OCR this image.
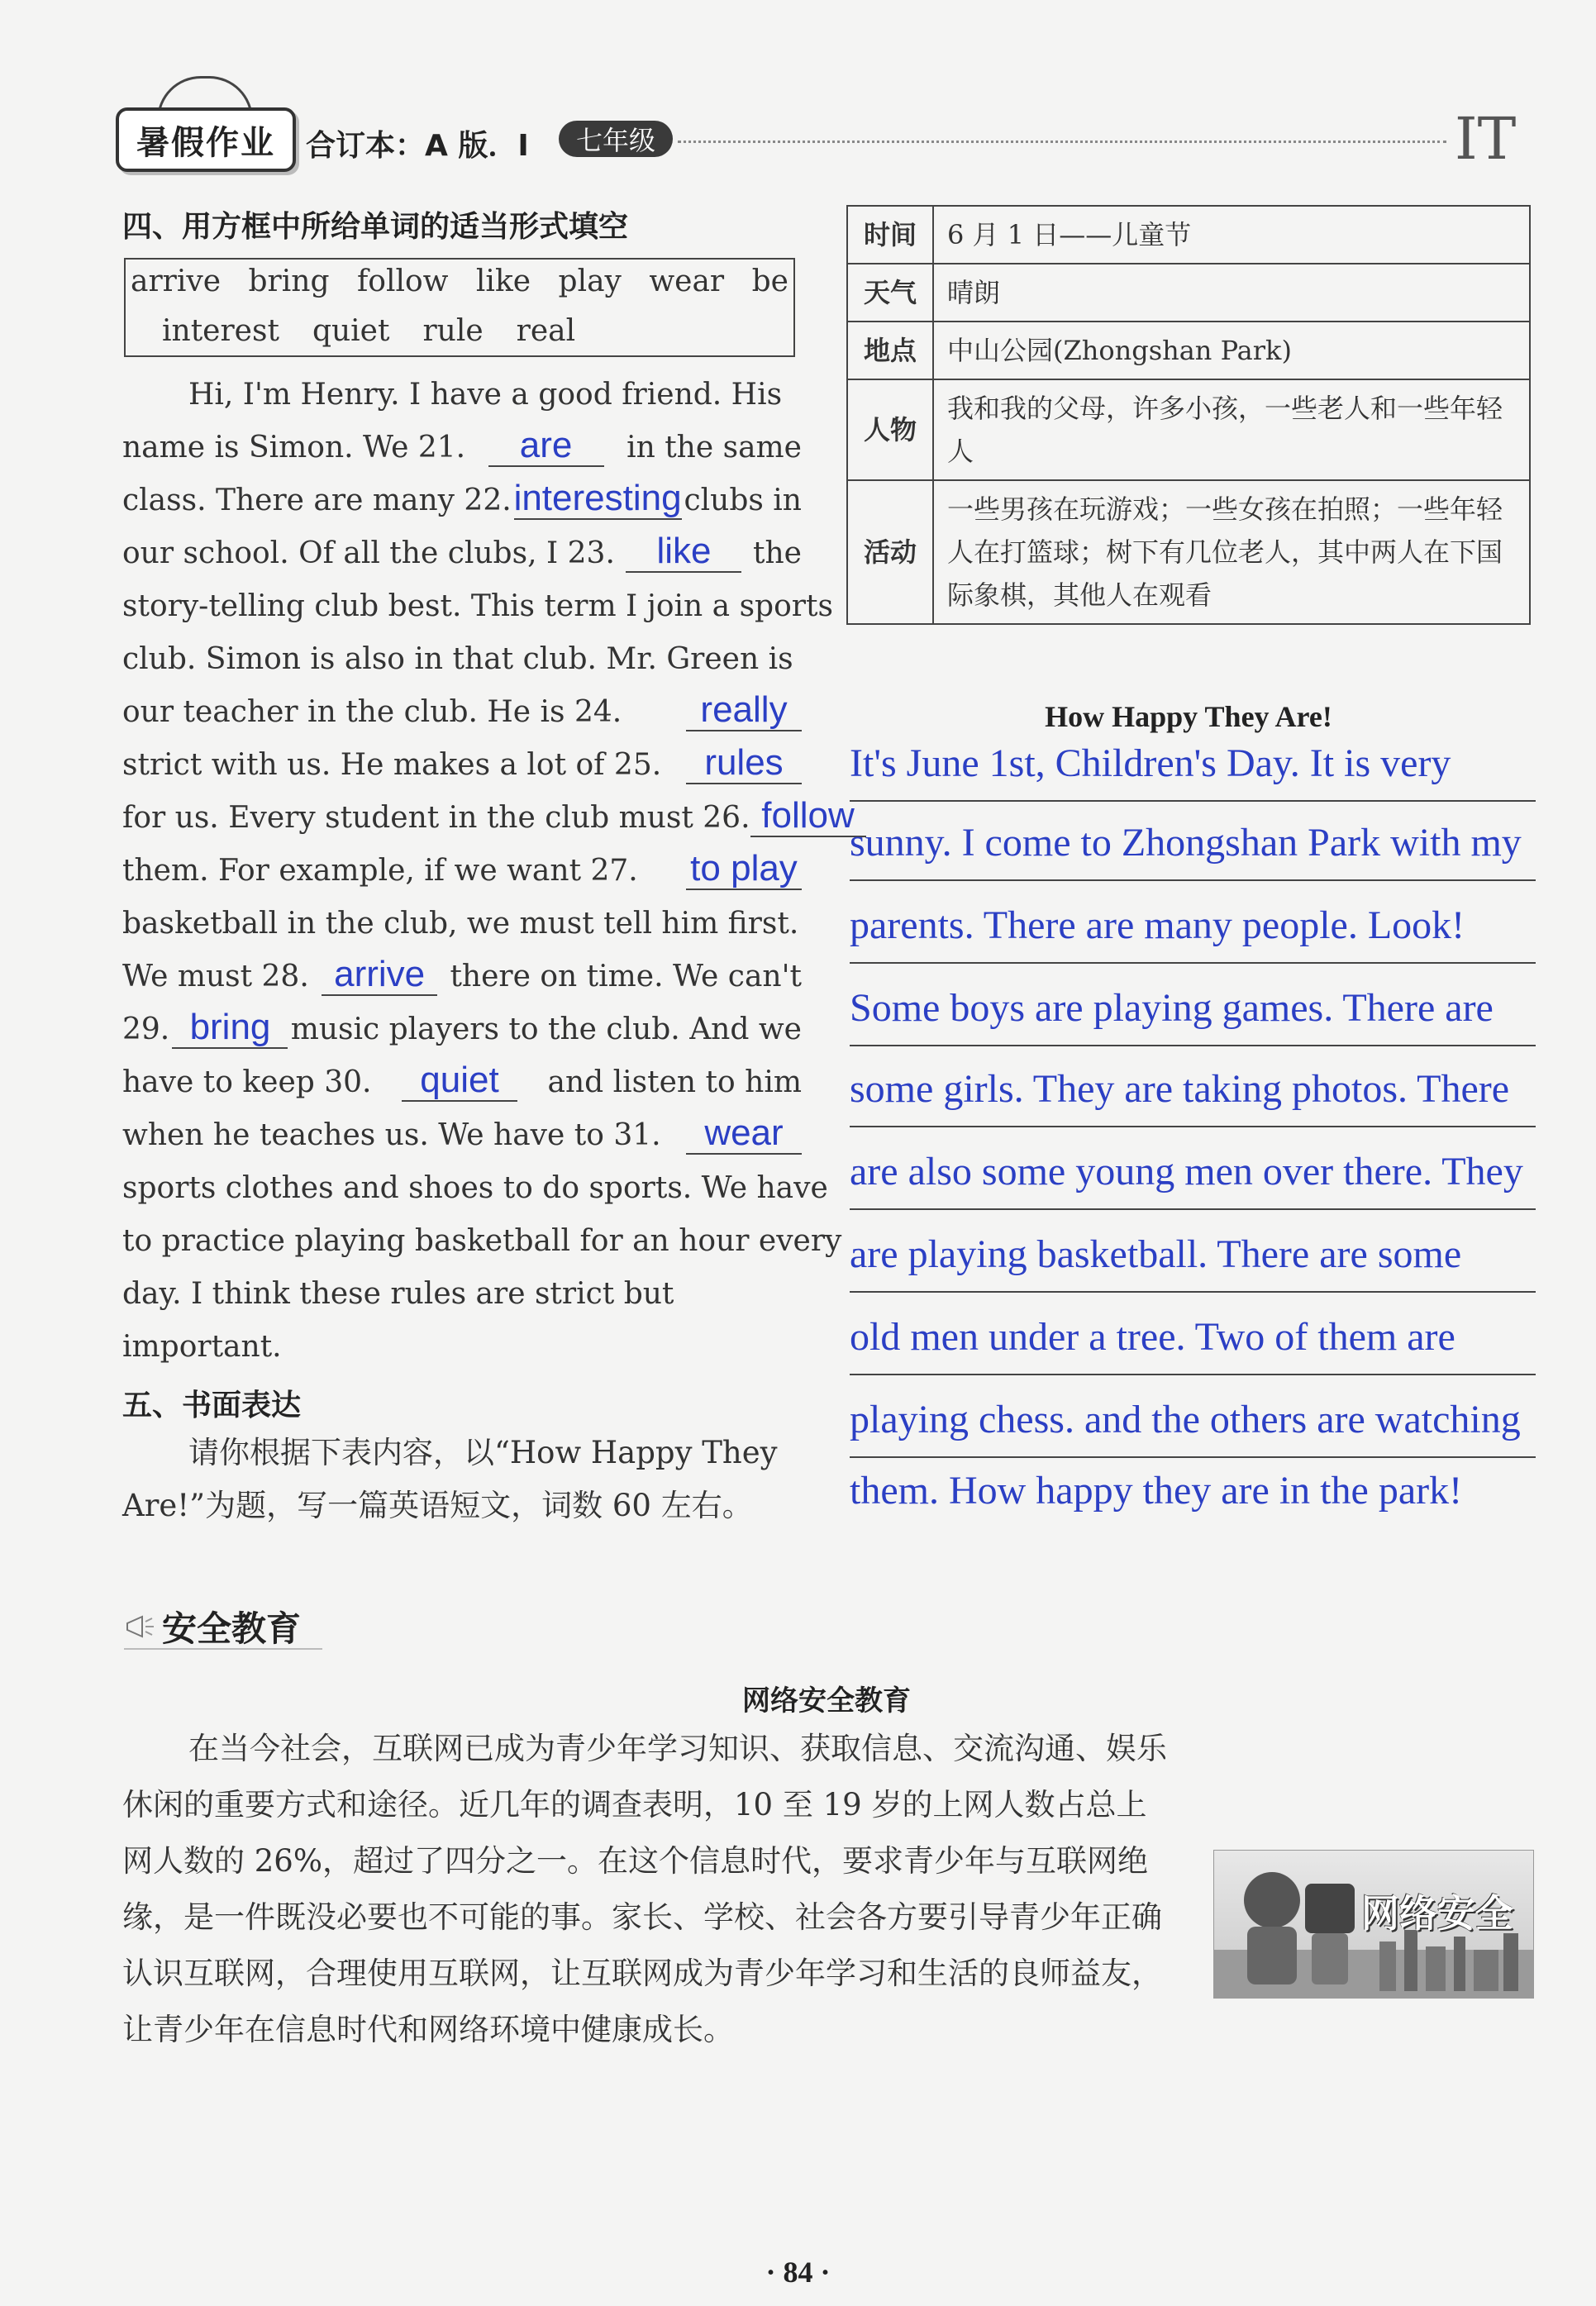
暑假作业	合订本：A 版．I	七年级	IT
四、用方框中所给单词的适当形式填空
arrive bring follow like play wear be
interest quiet rule real
Hi, I'm Henry. I have a good friend. His
name is Simon. We 21.	are	in the same
class. There are many 22. interesting clubs in
our school. Of all the clubs, I 23.	like	the
story-telling club best. This term I join a sports
club. Simon is also in that club. Mr. Green is
our teacher in the club. He is 24.	really
strict with us. He makes a lot of 25.	rules
for us. Every student in the club must 26. follow
them. For example, if we want 27. to play
basketball in the club, we must tell him first.
We must 28. arrive there on time. We can't
29. bring music players to the club. And we
have to keep 30.	quiet	and listen to him
when he teaches us. We have to 31.	wear
sports clothes and shoes to do sports. We have
to practice playing basketball for an hour every
day. I think these rules are strict but
important.
五、书面表达
请你根据下表内容，以“How Happy They
Are!”为题，写一篇英语短文，词数 60 左右。
时间	6 月 1 日——儿童节
天气	晴朗
地点	中山公园(Zhongshan Park)
人物	我和我的父母，许多小孩，一些老人和一些年轻人
活动	一些男孩在玩游戏；一些女孩在拍照；一些年轻人在打篮球；树下有几位老人，其中两人在下国际象棋，其他人在观看
How Happy They Are!
It's June 1st, Children's Day. It is very
sunny. I come to Zhongshan Park with my
parents. There are many people. Look!
Some boys are playing games. There are
some girls. They are taking photos. There
are also some young men over there. They
are playing basketball. There are some
old men under a tree. Two of them are
playing chess. and the others are watching
them. How happy they are in the park!
安全教育
网络安全教育
在当今社会，互联网已成为青少年学习知识、获取信息、交流沟通、娱乐
休闲的重要方式和途径。近几年的调查表明，10 至 19 岁的上网人数占总上
网人数的 26%，超过了四分之一。在这个信息时代，要求青少年与互联网绝
缘，是一件既没必要也不可能的事。家长、学校、社会各方要引导青少年正确
认识互联网，合理使用互联网，让互联网成为青少年学习和生活的良师益友，
让青少年在信息时代和网络环境中健康成长。
网络安全
· 84 ·
